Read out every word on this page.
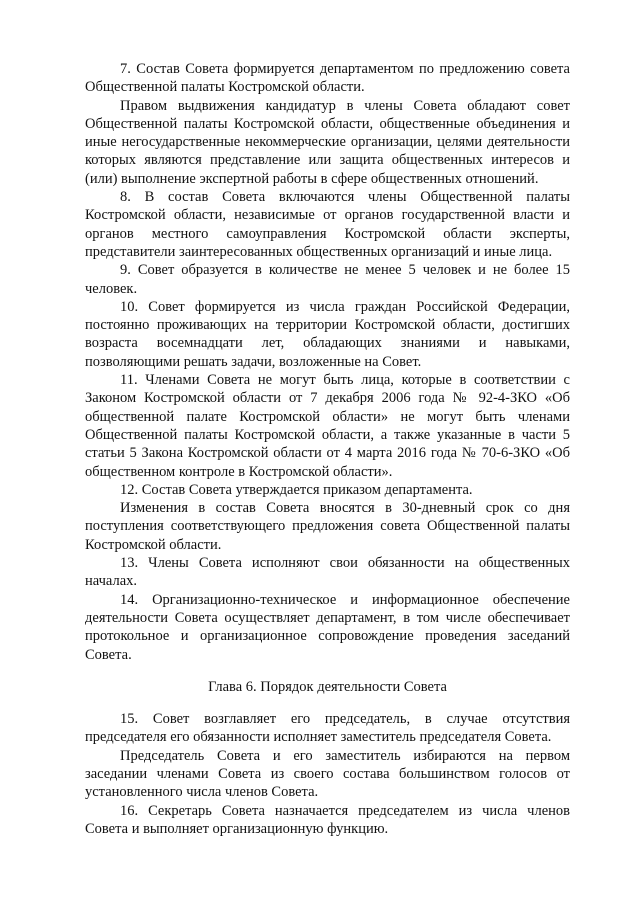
7. Состав Совета формируется департаментом по предложению совета Общественной палаты Костромской области.

Правом выдвижения кандидатур в члены Совета обладают совет Общественной палаты Костромской области, общественные объединения и иные негосударственные некоммерческие организации, целями деятельности которых являются представление или защита общественных интересов и (или) выполнение экспертной работы в сфере общественных отношений.

8. В состав Совета включаются члены Общественной палаты Костромской области, независимые от органов государственной власти и органов местного самоуправления Костромской области эксперты, представители заинтересованных общественных организаций и иные лица.

9. Совет образуется в количестве не менее 5 человек и не более 15 человек.

10. Совет формируется из числа граждан Российской Федерации, постоянно проживающих на территории Костромской области, достигших возраста восемнадцати лет, обладающих знаниями и навыками, позволяющими решать задачи, возложенные на Совет.

11. Членами Совета не могут быть лица, которые в соответствии с Законом Костромской области от 7 декабря 2006 года № 92-4-ЗКО «Об общественной палате Костромской области» не могут быть членами Общественной палаты Костромской области, а также указанные в части 5 статьи 5 Закона Костромской области от 4 марта 2016 года № 70-6-ЗКО «Об общественном контроле в Костромской области».

12. Состав Совета утверждается приказом департамента.

Изменения в состав Совета вносятся в 30-дневный срок со дня поступления соответствующего предложения совета Общественной палаты Костромской области.

13. Члены Совета исполняют свои обязанности на общественных началах.

14. Организационно-техническое и информационное обеспечение деятельности Совета осуществляет департамент, в том числе обеспечивает протокольное и организационное сопровождение проведения заседаний Совета.

Глава 6. Порядок деятельности Совета

15. Совет возглавляет его председатель, в случае отсутствия председателя его обязанности исполняет заместитель председателя Совета.

Председатель Совета и его заместитель избираются на первом заседании членами Совета из своего состава большинством голосов от установленного числа членов Совета.

16. Секретарь Совета назначается председателем из числа членов Совета и выполняет организационную функцию.
